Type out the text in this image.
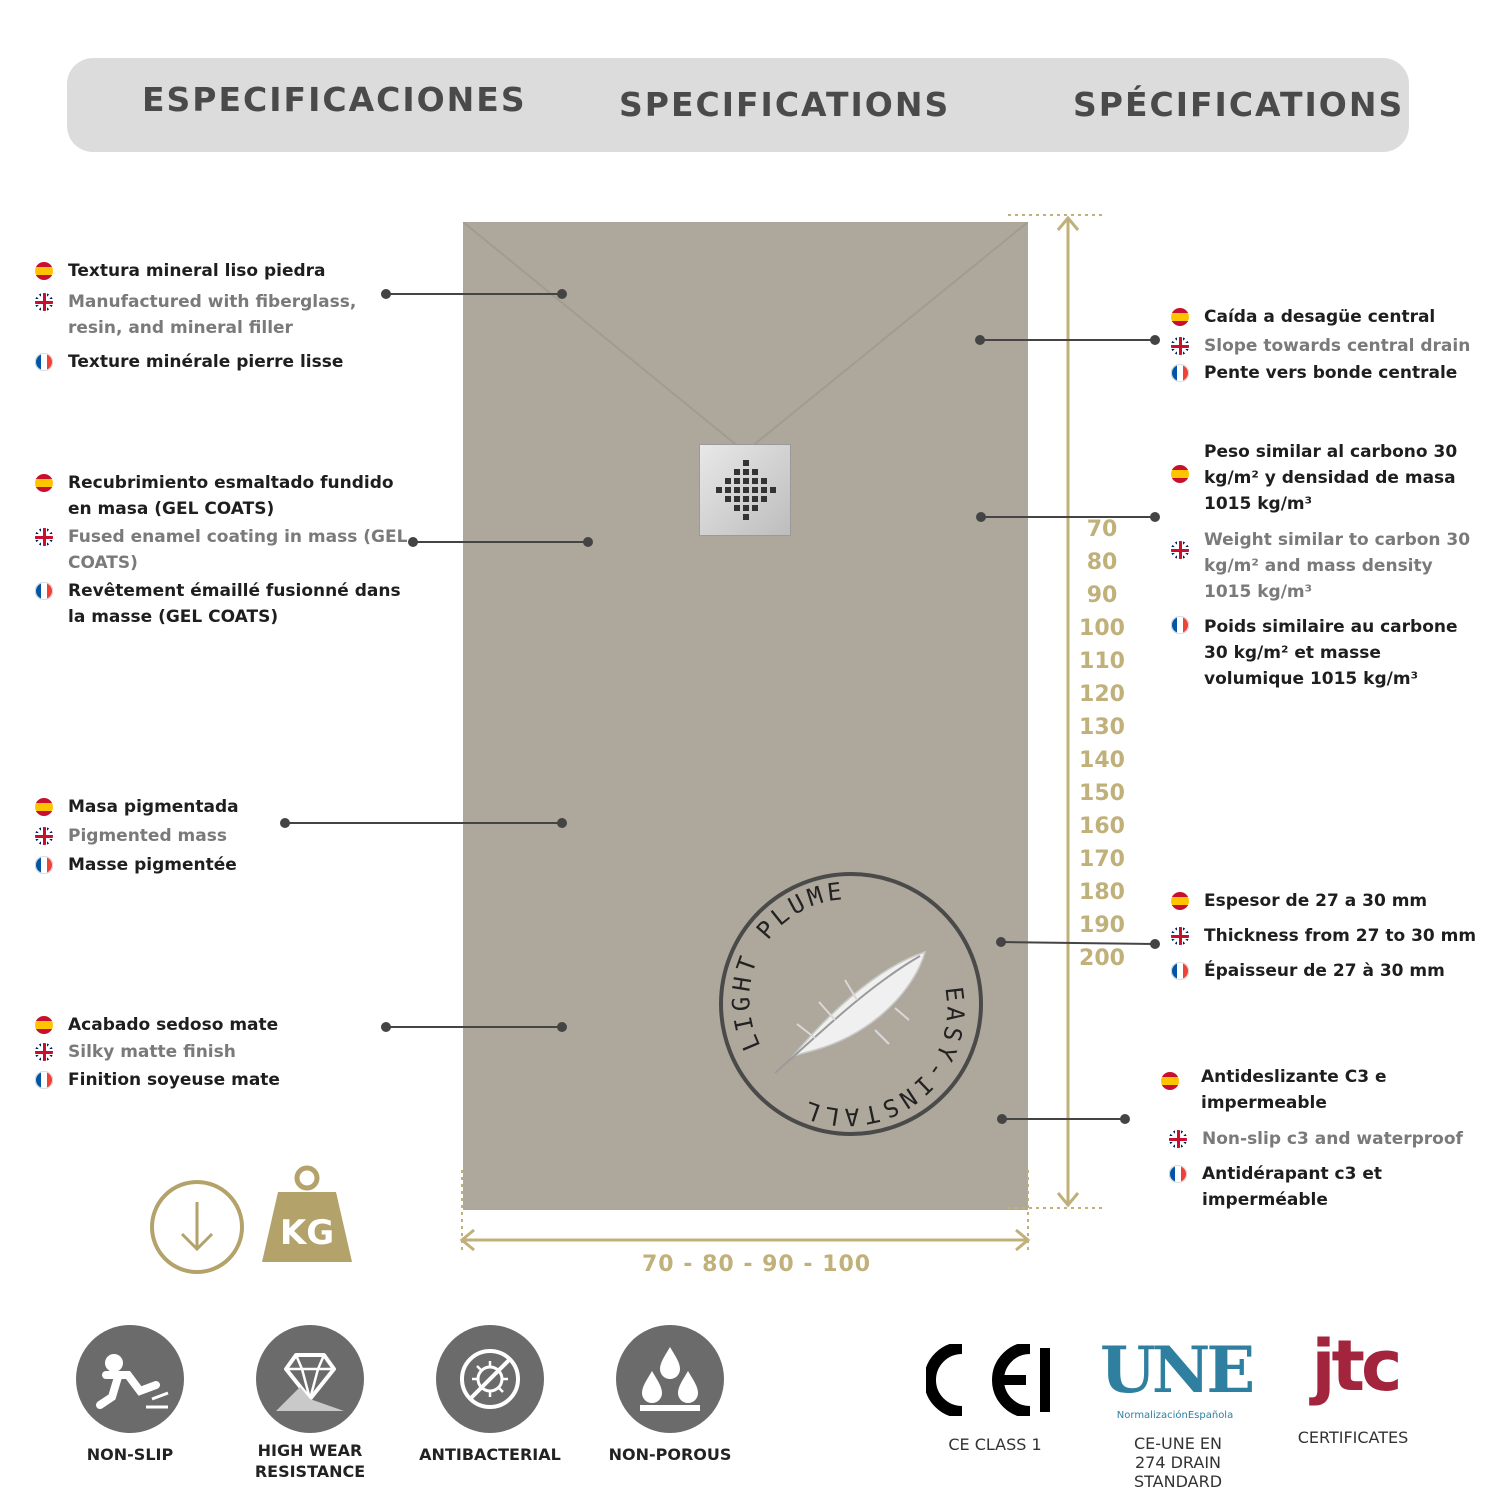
ESPECIFICACIONES	SPECIFICATIONS	SPÉCIFICATIONS
70
80
90
100
110
120
130
140
150
160
170
180
190
200
70 - 80 - 90 - 100
LIGHT PLUME
EASY-INSTALL
KG
NON-SLIP	HIGH WEAR RESISTANCE
ANTIBACTERIAL	NON-POROUS
CE CLASS 1
UNE
NormalizaciónEspañola
CE-UNE EN 274 DRAIN STANDARD
jtc
CERTIFICATES
Textura mineral liso piedra
Manufactured with fiberglass, resin, and mineral filler
Texture minérale pierre lisse
Recubrimiento esmaltado fundido en masa (GEL COATS)
Fused enamel coating in mass (GEL COATS)
Revêtement émaillé fusionné dans la masse (GEL COATS)
Masa pigmentada
Pigmented mass
Masse pigmentée
Acabado sedoso mate
Silky matte finish
Finition soyeuse mate
Caída a desagüe central
Slope towards central drain
Pente vers bonde centrale
Peso similar al carbono 30 kg/m² y densidad de masa 1015 kg/m³
Weight similar to carbon 30 kg/m² and mass density 1015 kg/m³
Poids similaire au carbone 30 kg/m² et masse volumique 1015 kg/m³
Espesor de 27 a 30 mm
Thickness from 27 to 30 mm
Épaisseur de 27 à 30 mm
Antideslizante C3 e impermeable
Non-slip c3 and waterproof
Antidérapant c3 et imperméable
